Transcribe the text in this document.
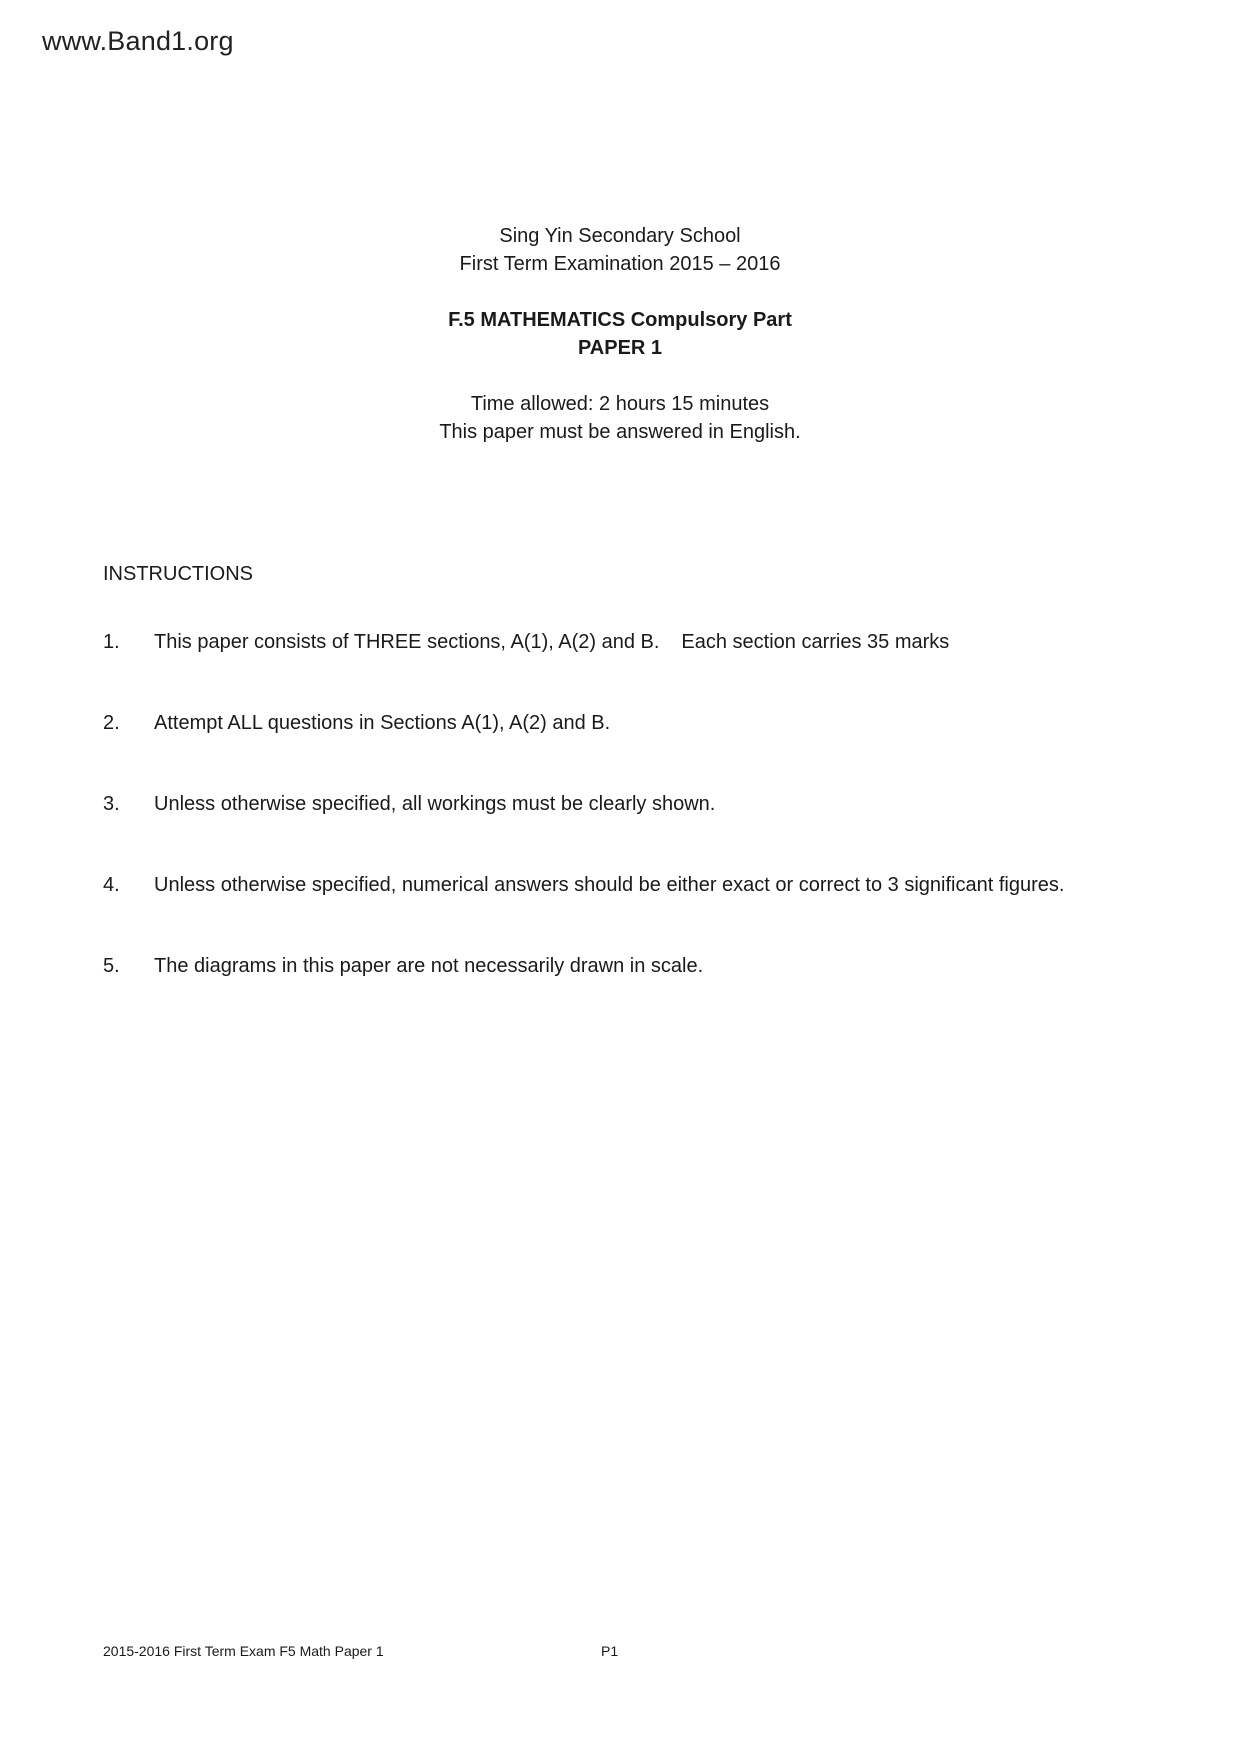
www.Band1.org
Sing Yin Secondary School
First Term Examination 2015 – 2016
F.5 MATHEMATICS Compulsory Part
PAPER 1
Time allowed: 2 hours 15 minutes
This paper must be answered in English.
INSTRUCTIONS
1.	This paper consists of THREE sections, A(1), A(2) and B. Each section carries 35 marks
2.	Attempt ALL questions in Sections A(1), A(2) and B.
3.	Unless otherwise specified, all workings must be clearly shown.
4.	Unless otherwise specified, numerical answers should be either exact or correct to 3 significant figures.
5.	The diagrams in this paper are not necessarily drawn in scale.
2015-2016 First Term Exam F5 Math Paper 1	P1
